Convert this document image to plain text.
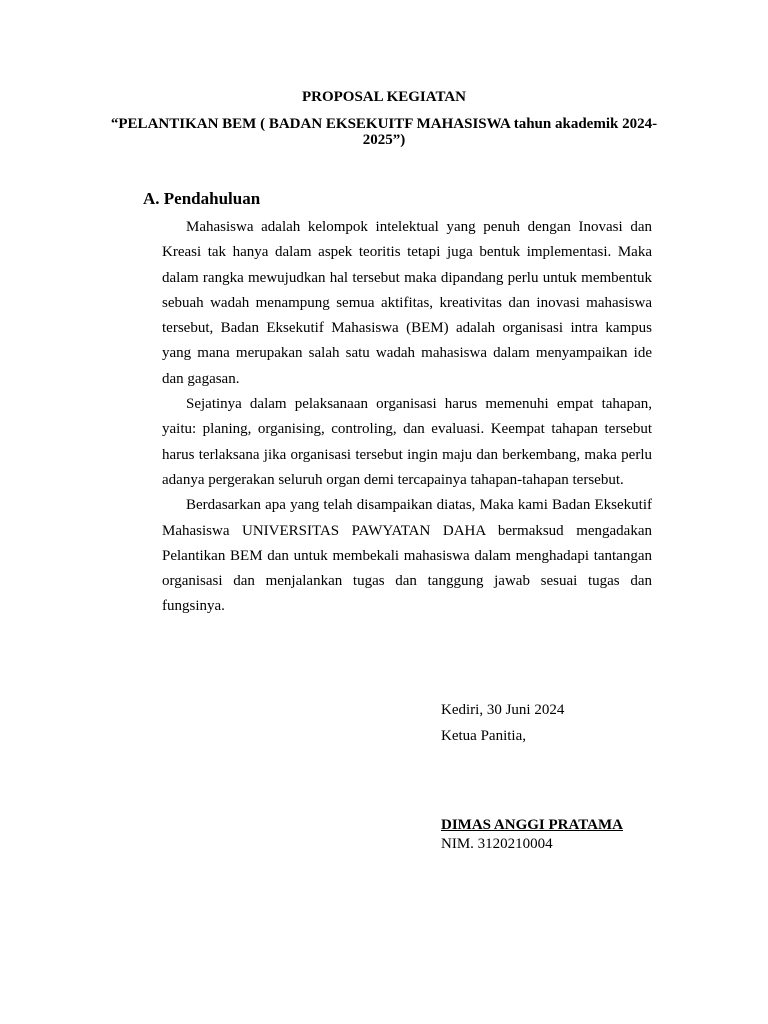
PROPOSAL KEGIATAN
“PELANTIKAN BEM ( BADAN EKSEKUITF MAHASISWA tahun akademik 2024-2025”)
A. Pendahuluan

Mahasiswa adalah kelompok intelektual yang penuh dengan Inovasi dan Kreasi tak hanya dalam aspek teoritis tetapi juga bentuk implementasi. Maka dalam rangka mewujudkan hal tersebut maka dipandang perlu untuk membentuk sebuah wadah menampung semua aktifitas, kreativitas dan inovasi mahasiswa tersebut, Badan Eksekutif Mahasiswa (BEM) adalah organisasi intra kampus yang mana merupakan salah satu wadah mahasiswa dalam menyampaikan ide dan gagasan.

Sejatinya dalam pelaksanaan organisasi harus memenuhi empat tahapan, yaitu: planing, organising, controling, dan evaluasi. Keempat tahapan tersebut harus terlaksana jika organisasi tersebut ingin maju dan berkembang, maka perlu adanya pergerakan seluruh organ demi tercapainya tahapan-tahapan tersebut.

Berdasarkan apa yang telah disampaikan diatas, Maka kami Badan Eksekutif Mahasiswa UNIVERSITAS PAWYATAN DAHA bermaksud mengadakan Pelantikan BEM dan untuk membekali mahasiswa dalam menghadapi tantangan organisasi dan menjalankan tugas dan tanggung jawab sesuai tugas dan fungsinya.

Kediri, 30 Juni 2024
Ketua Panitia,
DIMAS ANGGI PRATAMA
NIM. 3120210004
